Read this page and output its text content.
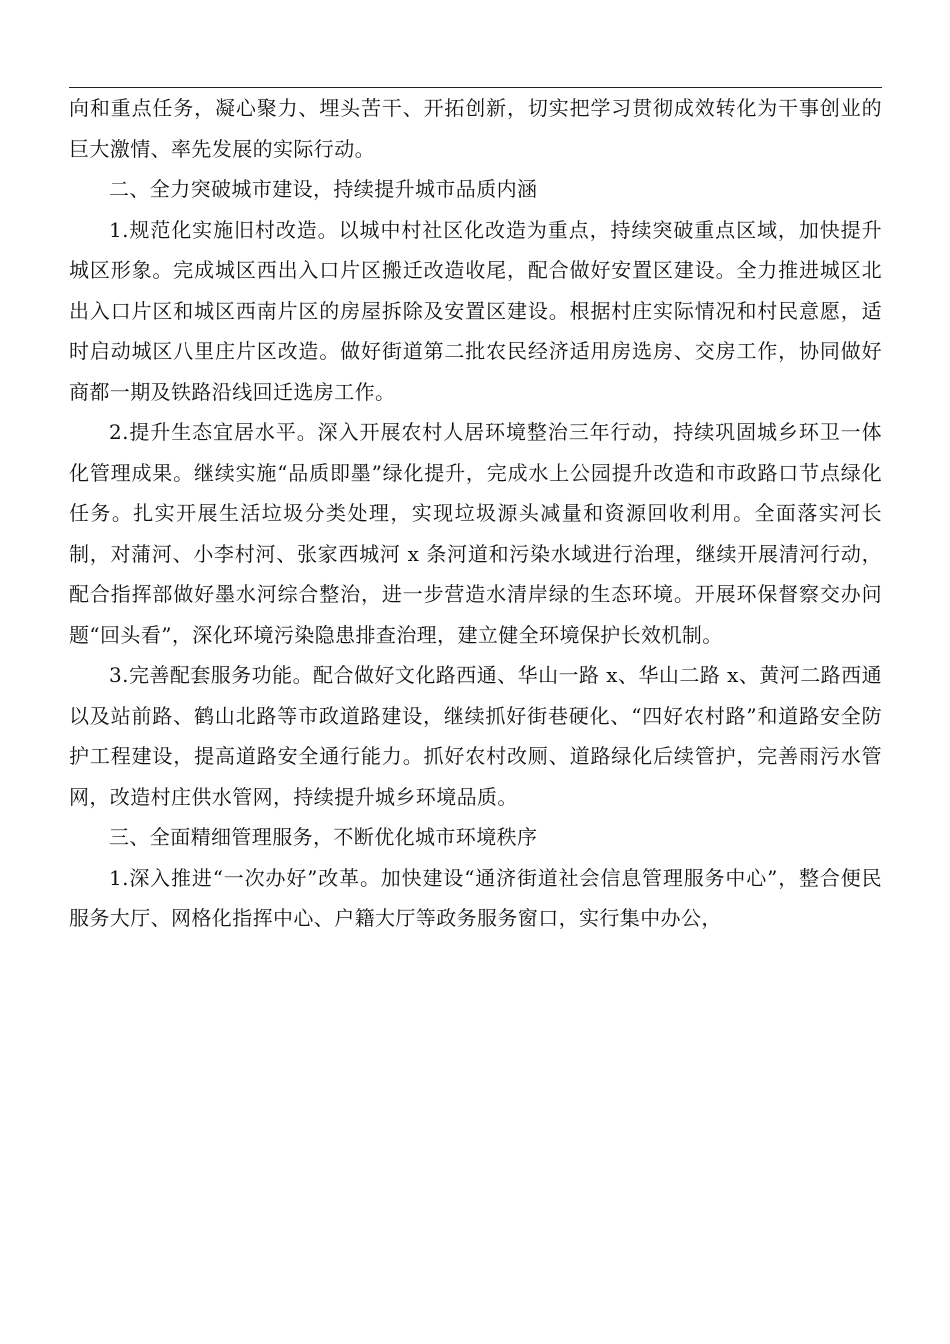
向和重点任务，凝心聚力、埋头苦干、开拓创新，切实把学习贯彻成效转化为干事创业的巨大激情、率先发展的实际行动。

二、全力突破城市建设，持续提升城市品质内涵

1.规范化实施旧村改造。以城中村社区化改造为重点，持续突破重点区域，加快提升城区形象。完成城区西出入口片区搬迁改造收尾，配合做好安置区建设。全力推进城区北出入口片区和城区西南片区的房屋拆除及安置区建设。根据村庄实际情况和村民意愿，适时启动城区八里庄片区改造。做好街道第二批农民经济适用房选房、交房工作，协同做好商都一期及铁路沿线回迁选房工作。

2.提升生态宜居水平。深入开展农村人居环境整治三年行动，持续巩固城乡环卫一体化管理成果。继续实施“品质即墨”绿化提升，完成水上公园提升改造和市政路口节点绿化任务。扎实开展生活垃圾分类处理，实现垃圾源头减量和资源回收利用。全面落实河长制，对蒲河、小李村河、张家西城河 x 条河道和污染水域进行治理，继续开展清河行动，配合指挥部做好墨水河综合整治，进一步营造水清岸绿的生态环境。开展环保督察交办问题“回头看”，深化环境污染隐患排查治理，建立健全环境保护长效机制。

3.完善配套服务功能。配合做好文化路西通、华山一路 x、华山二路 x、黄河二路西通以及站前路、鹤山北路等市政道路建设，继续抓好街巷硬化、“四好农村路”和道路安全防护工程建设，提高道路安全通行能力。抓好农村改厕、道路绿化后续管护，完善雨污水管网，改造村庄供水管网，持续提升城乡环境品质。

三、全面精细管理服务，不断优化城市环境秩序

1.深入推进“一次办好”改革。加快建设“通济街道社会信息管理服务中心”，整合便民服务大厅、网格化指挥中心、户籍大厅等政务服务窗口，实行集中办公，
